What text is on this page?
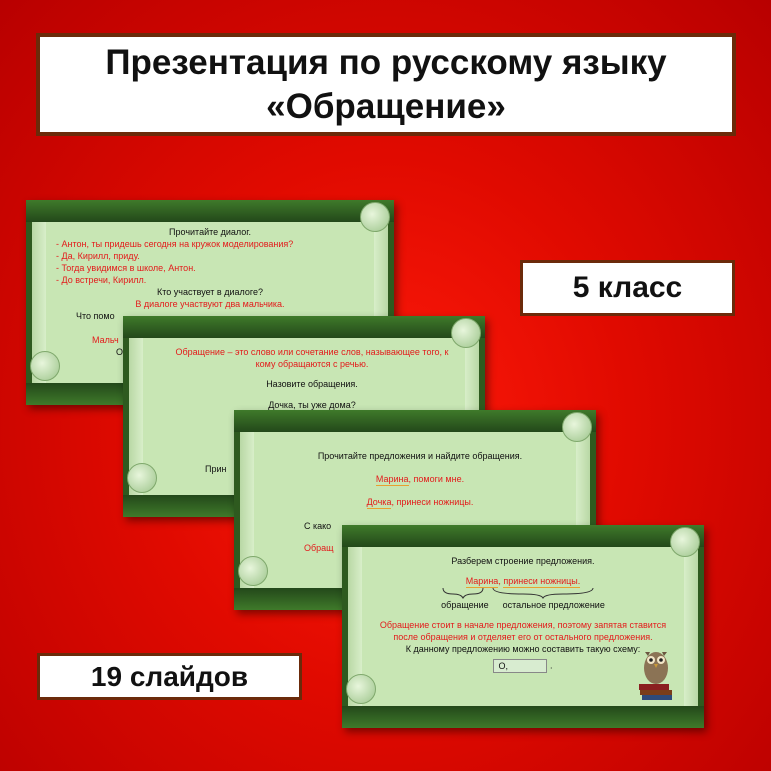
Презентация по русскому языку
«Обращение»
5 класс
Прочитайте диалог.
- Антон, ты придешь сегодня на кружок моделирования?
- Да, Кирилл, приду.
- Тогда увидимся в школе, Антон.
- До встречи, Кирилл.
Кто участвует в диалоге?
В диалоге участвуют два мальчика.
Что помо
Мальч
О	Обращение – это слово или сочетание слов, называющее того, к кому обращаются с речью.
Назовите обращения.
Дочка, ты уже дома?
Прин
Прочитайте предложения и найдите обращения.
Марина, помоги мне.
Дочка, принеси ножницы.
С како
Обращ
Разберем строение предложения.
Марина, принеси ножницы.
обращение остальное предложение
Обращение стоит в начале предложения, поэтому запятая ставится после обращения и отделяет его от остального предложения.
К данному предложению можно составить такую схему:
О,	.
19 слайдов
